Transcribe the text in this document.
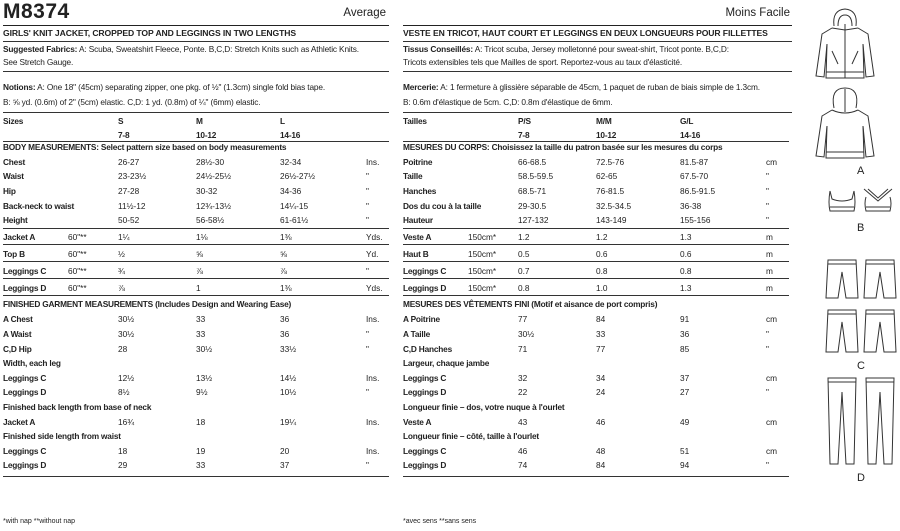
M8374	Average
GIRLS' KNIT JACKET, CROPPED TOP AND LEGGINGS IN TWO LENGTHS
Suggested Fabrics: A: Scuba, Sweatshirt Fleece, Ponte. B,C,D: Stretch Knits such as Athletic Knits.
See Stretch Gauge.
Notions: A: One 18" (45cm) separating zipper, one pkg. of ½" (1.3cm) single fold bias tape.
B: ⅝ yd. (0.6m) of 2" (5cm) elastic. C,D: 1 yd. (0.8m) of ¼" (6mm) elastic.
Sizes	S	M	L
7-8	10-12	14-16
BODY MEASUREMENTS: Select pattern size based on body measurements
Chest	26-27	28½-30	32-34	Ins.
Waist	23-23½	24½-25½	26½-27½	"
Hip	27-28	30-32	34-36	"
Back-neck to waist	11½-12	12¾-13½	14¼-15	"
Height	50-52	56-58½	61-61½	"
Jacket A	60"**	1¼	1⅛	1⅜	Yds.
Top B	60"**	½	⅝	⅝	Yd.
Leggings C	60"**	¾	⅞	⅞	"
Leggings D	60"**	⅞	1	1⅜	Yds.
FINISHED GARMENT MEASUREMENTS (Includes Design and Wearing Ease)
A Chest	30½	33	36	Ins.
A Waist	30½	33	36	"
C,D Hip	28	30½	33½	"
Width, each leg
Leggings C	12½	13½	14½	Ins.
Leggings D	8½	9½	10½	"
Finished back length from base of neck
Jacket A	16¾	18	19¼	Ins.
Finished side length from waist
Leggings C	18	19	20	Ins.
Leggings D	29	33	37	"
*with nap **without nap
Moins Facile
VESTE EN TRICOT, HAUT COURT ET LEGGINGS EN DEUX LONGUEURS POUR FILLETTES
Tissus Conseillés: A: Tricot scuba, Jersey molletonné pour sweat-shirt, Tricot ponte. B,C,D:
Tricots extensibles tels que Mailles de sport. Reportez-vous au taux d'élasticité.
Mercerie: A: 1 fermeture à glissière séparable de 45cm, 1 paquet de ruban de biais simple de 1.3cm.
B: 0.6m d'élastique de 5cm. C,D: 0.8m d'élastique de 6mm.
Tailles	P/S	M/M	G/L
7-8	10-12	14-16
MESURES DU CORPS: Choisissez la taille du patron basée sur les mesures du corps
Poitrine	66-68.5	72.5-76	81.5-87	cm
Taille	58.5-59.5	62-65	67.5-70	"
Hanches	68.5-71	76-81.5	86.5-91.5	"
Dos du cou à la taille	29-30.5	32.5-34.5	36-38	"
Hauteur	127-132	143-149	155-156	"
Veste A	150cm*	1.2	1.2	1.3	m
Haut B	150cm*	0.5	0.6	0.6	m
Leggings C	150cm*	0.7	0.8	0.8	m
Leggings D	150cm*	0.8	1.0	1.3	m
MESURES DES VÊTEMENTS FINI (Motif et aisance de port compris)
A Poitrine	77	84	91	cm
A Taille	30½	33	36	"
C,D Hanches	71	77	85	"
Largeur, chaque jambe
Leggings C	32	34	37	cm
Leggings D	22	24	27	"
Longueur finie – dos, votre nuque à l'ourlet
Veste A	43	46	49	cm
Longueur finie – côté, taille à l'ourlet
Leggings C	46	48	51	cm
Leggings D	74	84	94	"
*avec sens **sans sens
A
B
C
D
